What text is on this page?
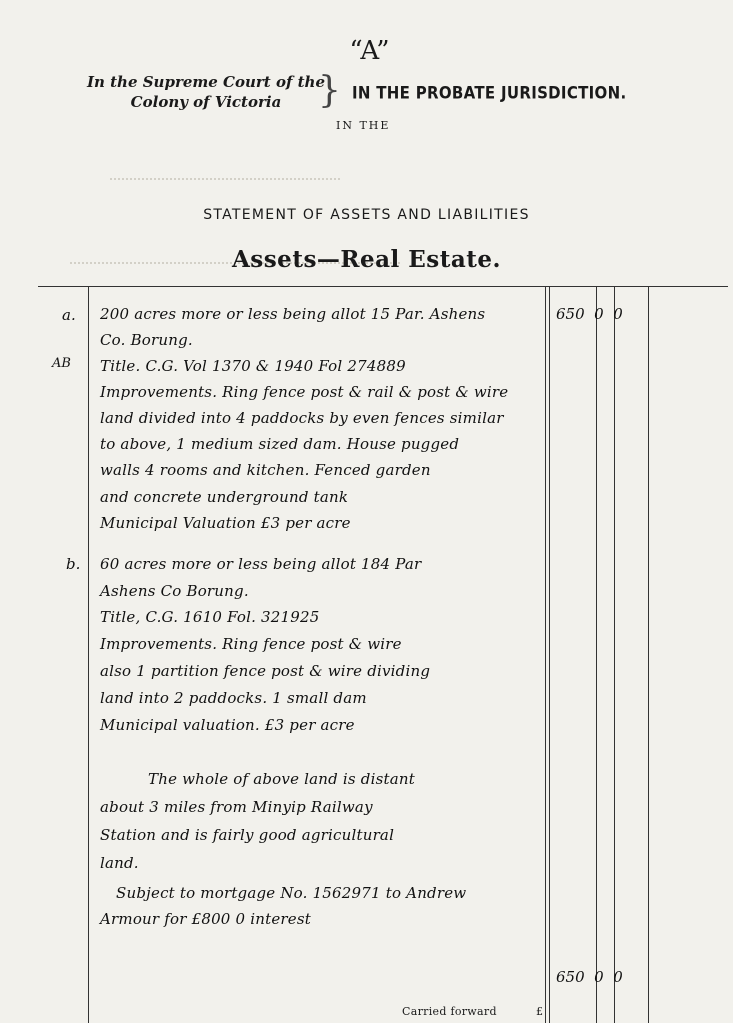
“A”
In the Supreme Court of the
Colony of Victoria	} IN THE PROBATE JURISDICTION.
IN THE
STATEMENT OF ASSETS AND LIABILITIES
Assets—Real Estate.
a.
AB
200 acres more or less being allot 15 Par. Ashens
Co. Borung.
Title. C.G. Vol 1370 & 1940 Fol 274889
Improvements. Ring fence post & rail & post & wire
land divided into 4 paddocks by even fences similar
to above, 1 medium sized dam. House pugged
walls 4 rooms and kitchen. Fenced garden
and concrete underground tank
Municipal Valuation £3 per acre
650  0  0
b. 60 acres more or less being allot 184 Par
Ashens Co Borung.
Title, C.G. 1610 Fol. 321925
Improvements. Ring fence post & wire
also 1 partition fence post & wire dividing
land into 2 paddocks. 1 small dam
Municipal valuation. £3 per acre
The whole of above land is distant
about 3 miles from Minyip Railway
Station and is fairly good agricultural
land.
Subject to mortgage No. 1562971 to Andrew
Armour for £800 0 interest
650  0  0
Carried forward	£
